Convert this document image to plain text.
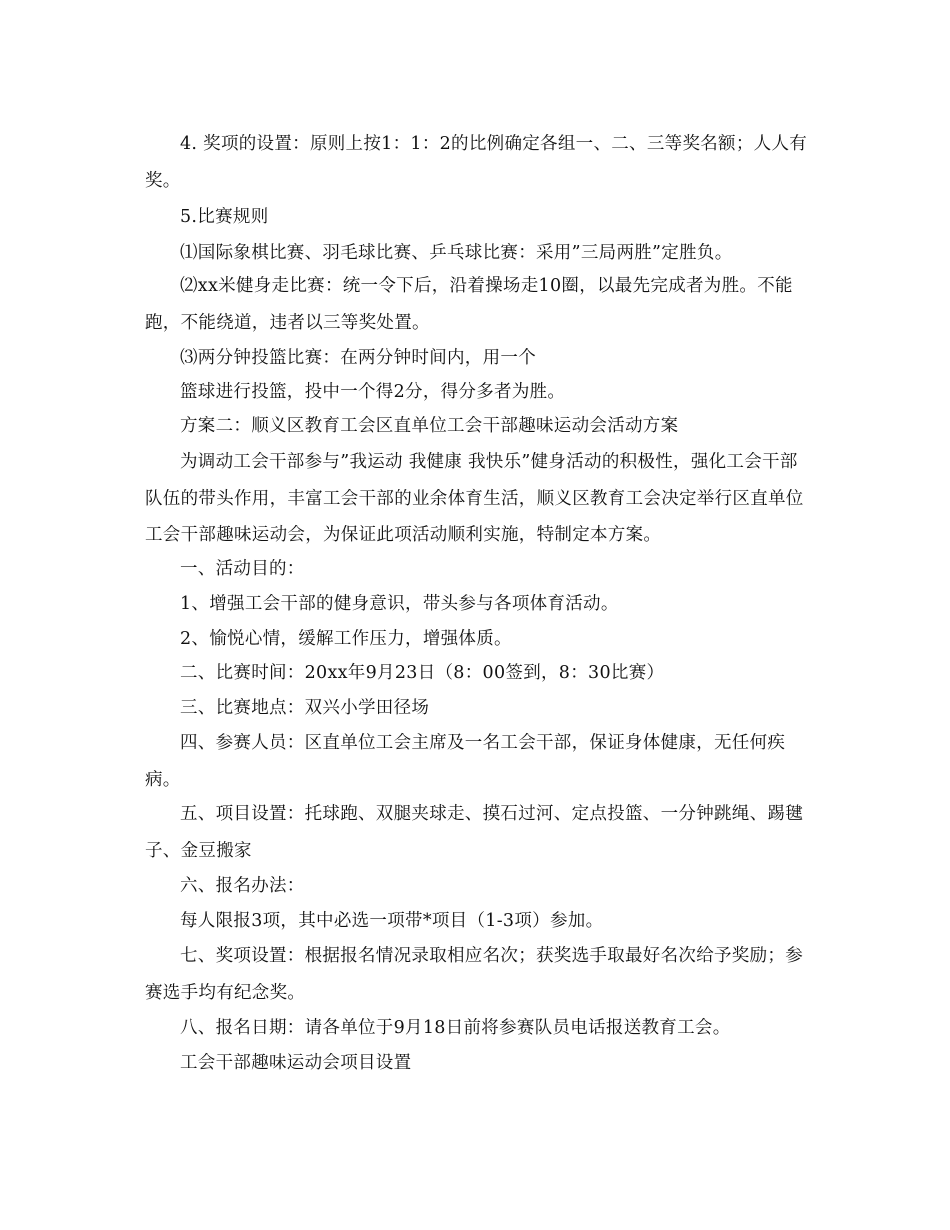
4. 奖项的设置：原则上按1：1：2的比例确定各组一、二、三等奖名额；人人有奖。

5.比赛规则

⑴国际象棋比赛、羽毛球比赛、乒乓球比赛：采用”三局两胜”定胜负。

⑵xx米健身走比赛：统一令下后，沿着操场走10圈，以最先完成者为胜。不能跑，不能绕道，违者以三等奖处置。

⑶两分钟投篮比赛：在两分钟时间内，用一个

篮球进行投篮，投中一个得2分，得分多者为胜。

方案二：顺义区教育工会区直单位工会干部趣味运动会活动方案

为调动工会干部参与”我运动 我健康 我快乐”健身活动的积极性，强化工会干部队伍的带头作用，丰富工会干部的业余体育生活，顺义区教育工会决定举行区直单位工会干部趣味运动会，为保证此项活动顺利实施，特制定本方案。

一、活动目的：

1、增强工会干部的健身意识，带头参与各项体育活动。

2、愉悦心情，缓解工作压力，增强体质。

二、比赛时间：20xx年9月23日（8：00签到，8：30比赛）

三、比赛地点：双兴小学田径场

四、参赛人员：区直单位工会主席及一名工会干部，保证身体健康，无任何疾病。

五、项目设置：托球跑、双腿夹球走、摸石过河、定点投篮、一分钟跳绳、踢毽子、金豆搬家

六、报名办法：

每人限报3项，其中必选一项带*项目（1-3项）参加。

七、奖项设置：根据报名情况录取相应名次；获奖选手取最好名次给予奖励；参赛选手均有纪念奖。

八、报名日期：请各单位于9月18日前将参赛队员电话报送教育工会。

工会干部趣味运动会项目设置
